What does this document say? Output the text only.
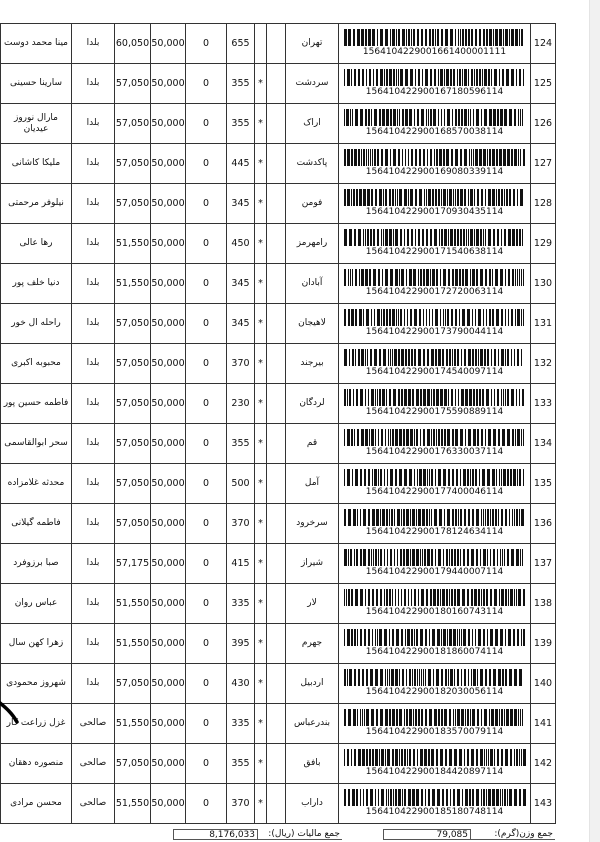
مینا محمد دوست	بلدا	60,050	50,000	0	655			تهران	1564104229001661400001111	124
سارینا حسینی	بلدا	57,050	50,000	0	355	*		سردشت	156410422900167180596114	125
مارال نوروز عیدیان	بلدا	57,050	50,000	0	355	*		اراک	156410422900168570038114	126
ملیکا کاشانی	بلدا	57,050	50,000	0	445	*		پاکدشت	156410422900169080339114	127
نیلوفر مرحمتی	بلدا	57,050	50,000	0	345	*		فومن	156410422900170930435114	128
رها عالی	بلدا	51,550	50,000	0	450	*		رامهرمز	156410422900171540638114	129
دنیا خلف پور	بلدا	51,550	50,000	0	345	*		آبادان	156410422900172720063114	130
راحله ال خور	بلدا	57,050	50,000	0	345	*		لاهیجان	156410422900173790044114	131
محبوبه اکبری	بلدا	57,050	50,000	0	370	*		بیرجند	156410422900174540097114	132
فاطمه حسین پور	بلدا	57,050	50,000	0	230	*		لردگان	156410422900175590889114	133
سحر ابوالقاسمی	بلدا	57,050	50,000	0	355	*		قم	156410422900176330037114	134
محدثه غلامزاده	بلدا	57,050	50,000	0	500	*		آمل	156410422900177400046114	135
فاطمه گیلانی	بلدا	57,050	50,000	0	370	*		سرخرود	156410422900178124634114	136
صبا برزوفرد	بلدا	57,175	50,000	0	415	*		شیراز	156410422900179440007114	137
عباس روان	بلدا	51,550	50,000	0	335	*		لار	156410422900180160743114	138
زهرا کهن سال	بلدا	51,550	50,000	0	395	*		جهرم	156410422900181860074114	139
شهروز محمودی	بلدا	57,050	50,000	0	430	*		اردبیل	156410422900182030056114	140
غزل زراعت کار	صالحی	51,550	50,000	0	335	*		بندرعباس	156410422900183570079114	141
منصوره دهقان	صالحی	57,050	50,000	0	355	*		بافق	156410422900184420897114	142
محسن مرادی	صالحی	51,550	50,000	0	370	*		داراب	156410422900185180748114	143
8,176,033	جمع مالیات (ریال):	79,085	جمع وزن(گرم):
